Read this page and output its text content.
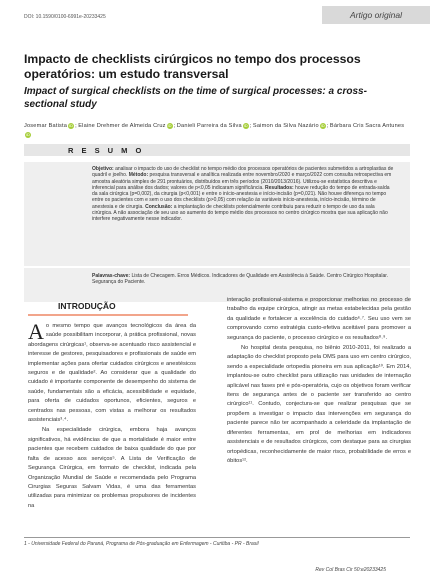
DOI: 10.1590/0100-6991e-20233425	Artigo original
Impacto de checklists cirúrgicos no tempo dos processos operatórios: um estudo transversal
Impact of surgical checklists on the time of surgical processes: a cross-sectional study
Josemar Batista iD ; Elaine Drehmer de Almeida Cruz iD ; Danieli Parreira da Silva iD ; Saimon da Silva Nazário iD ; Bárbara Cris Sacra AntunesiD
R E S U M O

Objetivo: analisar o impacto do uso de checklist no tempo médio dos processos operatórios de pacientes submetidos a artroplastias de quadril e joelho. Método: pesquisa transversal e analítica realizada entre novembro/2020 e março/2022 com consulta retrospectiva em amostra aleatória simples de 291 prontuários, distribuídos em três períodos (2010/2013/2016). Utilizou-se estatística descritiva e inferencial para análise dos dados; valores de p<0,05 indicaram significância. Resultados: houve redução do tempo de entrada-saída da sala cirúrgica (p=0,002), da cirurgia (p<0,001) e entre o início-anestesia e início-incisão (p=0,021). Não houve diferença no tempo entre os pacientes com e sem o uso dos checklists (p>0,05) com relação às variáveis início-anestesia, início-incisão, término de anestesia e de cirurgia. Conclusão: a implantação de checklists potencialmente contribuiu para reduzir o tempo de uso da sala cirúrgica. A não associação de seu uso ao aumento do tempo médio dos processos no centro cirúrgico mostra que sua aplicação não interfere negativamente nesse indicador.

Palavras-chave: Lista de Checagem. Erros Médicos. Indicadores de Qualidade em Assistência à Saúde. Centro Cirúrgico Hospitalar. Segurança do Paciente.

INTRODUÇÃO

Ao mesmo tempo que avanços tecnológicos da área da saúde possibilitam incorporar, à prática profissional, novas abordagens cirúrgicas¹, observa-se acentuado risco assistencial e interesse de gestores, pesquisadores e profissionais de saúde em implementar ações para ofertar cuidados cirúrgicos e anestésicos seguros e de qualidade². Ao considerar que a qualidade do cuidado é importante componente de desempenho do sistema de saúde, fundamentais são a eficácia, acessibilidade e equidade, para oferta de cuidados oportunos, eficientes, seguros e centrados nas pessoas, com vistas a melhorar os resultados assistenciais³˒⁴.

Na especialidade cirúrgica, embora haja avanços significativos, há evidências de que a mortalidade é maior entre pacientes que recebem cuidados de baixa qualidade do que por falta de acesso aos serviços⁵. A Lista de Verificação de Segurança Cirúrgica, em formato de checklist, indicada pela Organização Mundial de Saúde e recomendada pelo Programa Cirurgias Seguras Salvam Vidas, é uma das ferramentas utilizadas para minimizar os problemas propulsores de incidentes na

interação profissional-sistema e proporcionar melhorias no processo de trabalho da equipe cirúrgica, atingir as metas estabelecidas pela gestão da qualidade e fortalecer a excelência do cuidado⁶˒⁷. Seu uso vem se comprovando como estratégia custo-efetiva aceitável para promover a segurança do paciente, o processo cirúrgico e os resultados⁸˒⁹.

No hospital desta pesquisa, no biênio 2010-2011, foi realizado a adaptação do checklist proposto pela OMS para uso em centro cirúrgico, sendo a especialidade ortopedia pioneira em sua aplicação¹⁰. Em 2014, implantou-se outro checklist para utilização nas unidades de internação aplicável nas fases pré e pós-operatória, cujo os objetivos foram verificar itens de segurança antes de o paciente ser transferido ao centro cirúrgico¹¹. Contudo, conjectura-se que realizar pesquisas que se propõem a investigar o impacto das intervenções em segurança do paciente parece não ter acompanhado a celeridade da implantação de diferentes ferramentas, em prol de melhorias em indicadores assistenciais e de resultados cirúrgicos, com destaque para as cirurgias ortopédicas, reconhecidamente de maior risco, probabilidade de erros e óbitos¹².

1 - Universidade Federal do Paraná, Programa de Pós-graduação em Enfermagem - Curitiba - PR - Brasil
Rev Col Bras Cir 50:e20233425
